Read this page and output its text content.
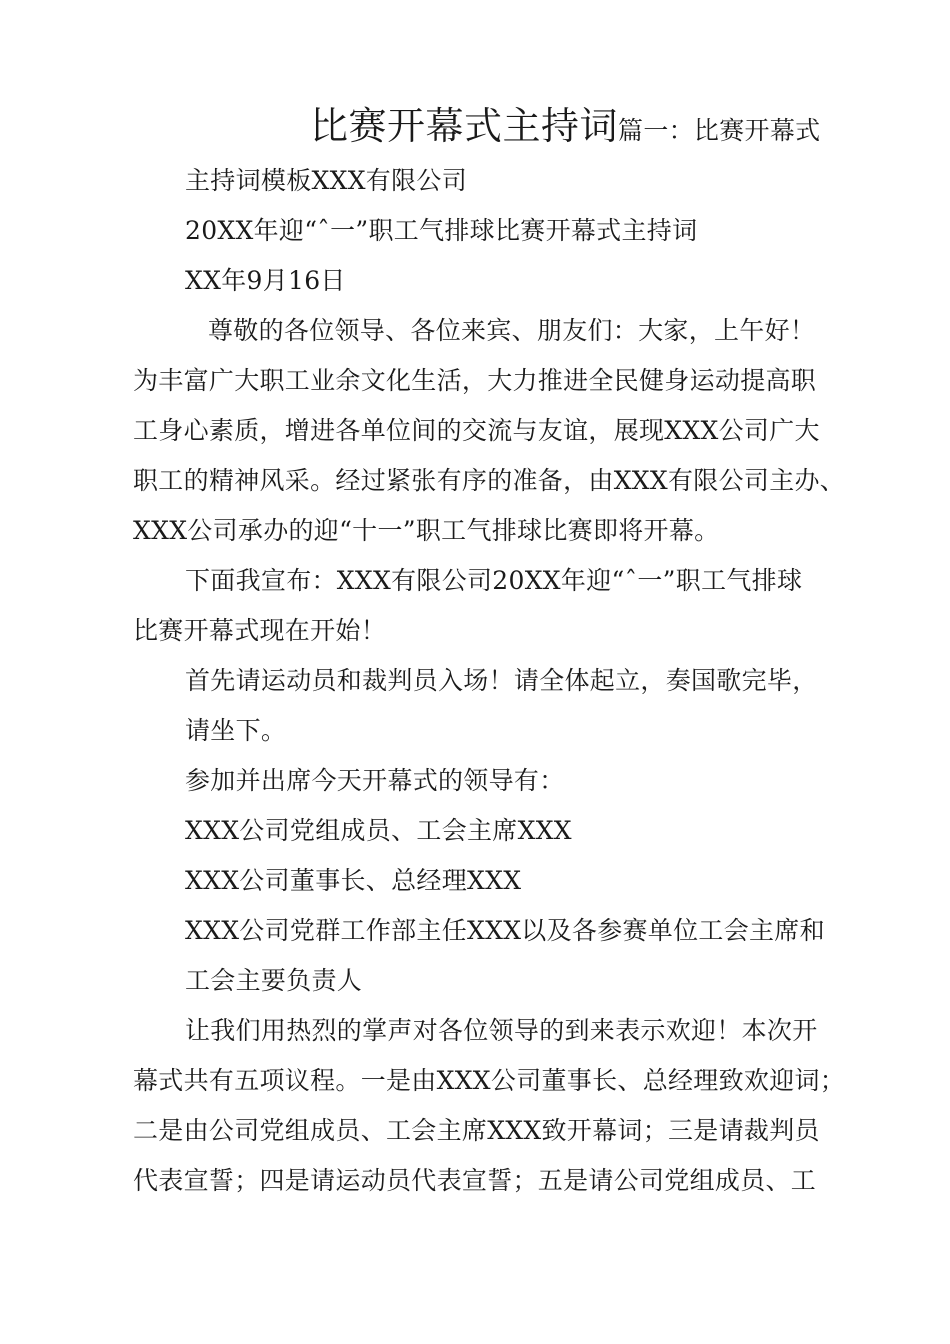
比赛开幕式主持词篇一：比赛开幕式
主持词模板XXX有限公司
20XX年迎“ˆ一”职工气排球比赛开幕式主持词
XX年9月16日
尊敬的各位领导、各位来宾、朋友们：大家，上午好！
为丰富广大职工业余文化生活，大力推进全民健身运动提高职
工身心素质，增进各单位间的交流与友谊，展现XXX公司广大
职工的精神风采。经过紧张有序的准备，由XXX有限公司主办、
XXX公司承办的迎“十一”职工气排球比赛即将开幕。
下面我宣布：XXX有限公司20XX年迎“ˆ一”职工气排球
比赛开幕式现在开始！
首先请运动员和裁判员入场！请全体起立，奏国歌完毕，
请坐下。
参加并出席今天开幕式的领导有：
XXX公司党组成员、工会主席XXX
XXX公司董事长、总经理XXX
XXX公司党群工作部主任XXX以及各参赛单位工会主席和
工会主要负责人
让我们用热烈的掌声对各位领导的到来表示欢迎！本次开
幕式共有五项议程。一是由XXX公司董事长、总经理致欢迎词；
二是由公司党组成员、工会主席XXX致开幕词；三是请裁判员
代表宣誓；四是请运动员代表宣誓；五是请公司党组成员、工
